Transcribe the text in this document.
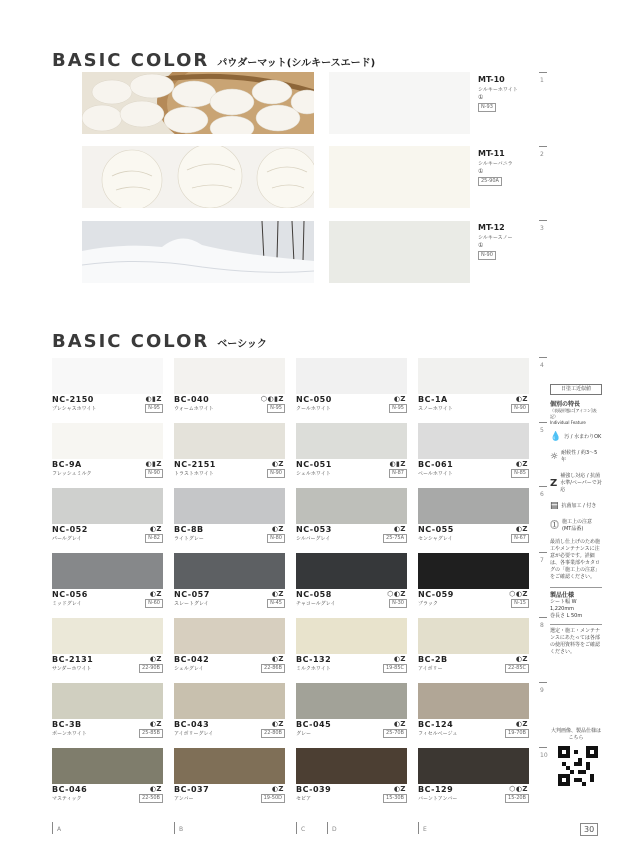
BASIC COLOR パウダーマット(シルキースエード)
MT-10
シルキーホワイト
①
N-93
MT-11
シルキーバニラ
①
25-90A
MT-12
シルキースノー
①
N-90
1
2
3
4
5
6
7
8
9
10
BASIC COLOR ベーシック
NC-2150	◐▮Z
プレシャスホワイト	N-95
BC-040	⬡◐▮Z
ウォームホワイト	N-95
NC-050	◐Z
クールホワイト	N-95
BC-1A	◐Z
スノーホワイト	N-90
BC-9A	◐▮Z
フレッシュミルク	N-90
NC-2151	◐Z
トラストホワイト	N-90
NC-051	◐▮Z
シェルホワイト	N-87
BC-061	◐Z
ペールホワイト	N-85
NC-052	◐Z
パールグレイ	N-82
BC-8B	◐Z
ライトグレー	N-80
NC-053	◐Z
シルバーグレイ	25-75A
NC-055	◐Z
センシャグレイ	N-67
NC-056	◐Z
ミッドグレイ	N-60
NC-057	◐Z
スレートグレイ	N-45
NC-058	⬡◐Z
チャコールグレイ	N-30
NC-059	⬡◐Z
ブラック	N-15
BC-2131	◐Z
サンダーホワイト	22-90B
BC-042	◐Z
シェルグレイ	22-86B
BC-132	◐Z
ミルクホワイト	19-85C
BC-2B	◐Z
アイボリー	22-85C
BC-3B	◐Z
ボーンホワイト	25-85B
BC-043	◐Z
アイボリーグレイ	22-80B
BC-045	◐Z
グレー	25-70B
BC-124	◐Z
フィセルベージュ	19-70B
BC-046	◐Z
マスティック	22-50B
BC-037	◐Z
アンバー	19-50D
BC-039	◐Z
セピア	15-30B
BC-129	⬡◐Z
バーントアンバー	15-20B
日塗工近似値
個別の特長
（表現形態に[アイコン]表記）
Individual Feature
💧 汚 / 水まわりOK
☼ 耐候性 / 約3〜5年
Z
補強し対応 / 抗菌水準/ペーパーで対応
▤ 抗菌加工 / 付き
⓵ 施工上の注意 (MT品番)
最消し仕上げのため施工やメンテナンスに注意が必要です。詳細は、各事業部やカタログの「施工上の注意」をご確認ください。
製品仕様
シート幅 W 1,220mm
巻長さ L 50m
選定・施工・メンテナンスにあたっては各部の使用資料等をご確認ください。
大判画像、製品仕様はこちら
A	B	C	D	E	30
